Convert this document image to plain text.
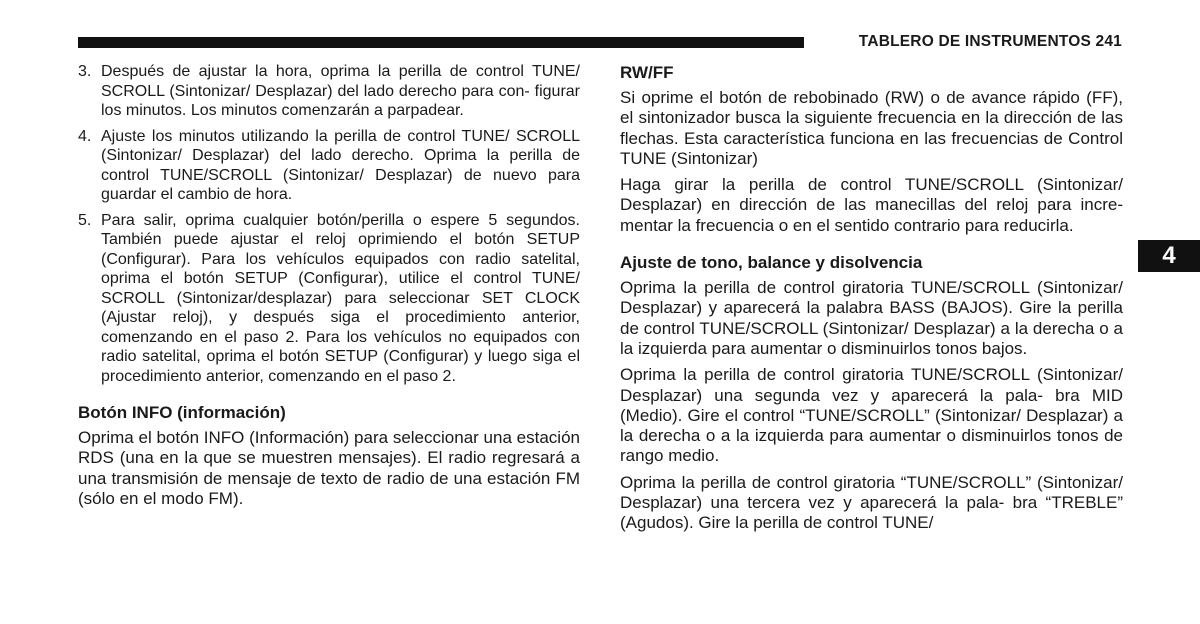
TABLERO DE INSTRUMENTOS 241
3. Después de ajustar la hora, oprima la perilla de control TUNE/ SCROLL (Sintonizar/ Desplazar) del lado derecho para con- figurar los minutos. Los minutos comenzarán a parpadear.
4. Ajuste los minutos utilizando la perilla de control TUNE/ SCROLL (Sintonizar/ Desplazar) del lado derecho. Oprima la perilla de control TUNE/SCROLL (Sintonizar/ Desplazar) de nuevo para guardar el cambio de hora.
5. Para salir, oprima cualquier botón/perilla o espere 5 segundos. También puede ajustar el reloj oprimiendo el botón SETUP (Configurar). Para los vehículos equipados con radio satelital, oprima el botón SETUP (Configurar), utilice el control TUNE/ SCROLL (Sintonizar/desplazar) para seleccionar SET CLOCK (Ajustar reloj), y después siga el procedimiento anterior, comenzando en el paso 2. Para los vehículos no equipados con radio satelital, oprima el botón SETUP (Configurar) y luego siga el procedimiento anterior, comenzando en el paso 2.
Botón INFO (información)

Oprima el botón INFO (Información) para seleccionar una estación RDS (una en la que se muestren mensajes). El radio regresará a una transmisión de mensaje de texto de radio de una estación FM (sólo en el modo FM).

RW/FF

Si oprime el botón de rebobinado (RW) o de avance rápido (FF), el sintonizador busca la siguiente frecuencia en la dirección de las flechas. Esta característica funciona en las frecuencias de Control TUNE (Sintonizar)

Haga girar la perilla de control TUNE/SCROLL (Sintonizar/ Desplazar) en dirección de las manecillas del reloj para incre- mentar la frecuencia o en el sentido contrario para reducirla.

Ajuste de tono, balance y disolvencia

Oprima la perilla de control giratoria TUNE/SCROLL (Sintonizar/ Desplazar) y aparecerá la palabra BASS (BAJOS). Gire la perilla de control TUNE/SCROLL (Sintonizar/ Desplazar) a la derecha o a la izquierda para aumentar o disminuirlos tonos bajos.

Oprima la perilla de control giratoria TUNE/SCROLL (Sintonizar/ Desplazar) una segunda vez y aparecerá la pala- bra MID (Medio). Gire el control “TUNE/SCROLL” (Sintonizar/ Desplazar) a la derecha o a la izquierda para aumentar o disminuirlos tonos de rango medio.

Oprima la perilla de control giratoria “TUNE/SCROLL” (Sintonizar/ Desplazar) una tercera vez y aparecerá la pala- bra “TREBLE” (Agudos). Gire la perilla de control TUNE/

4
